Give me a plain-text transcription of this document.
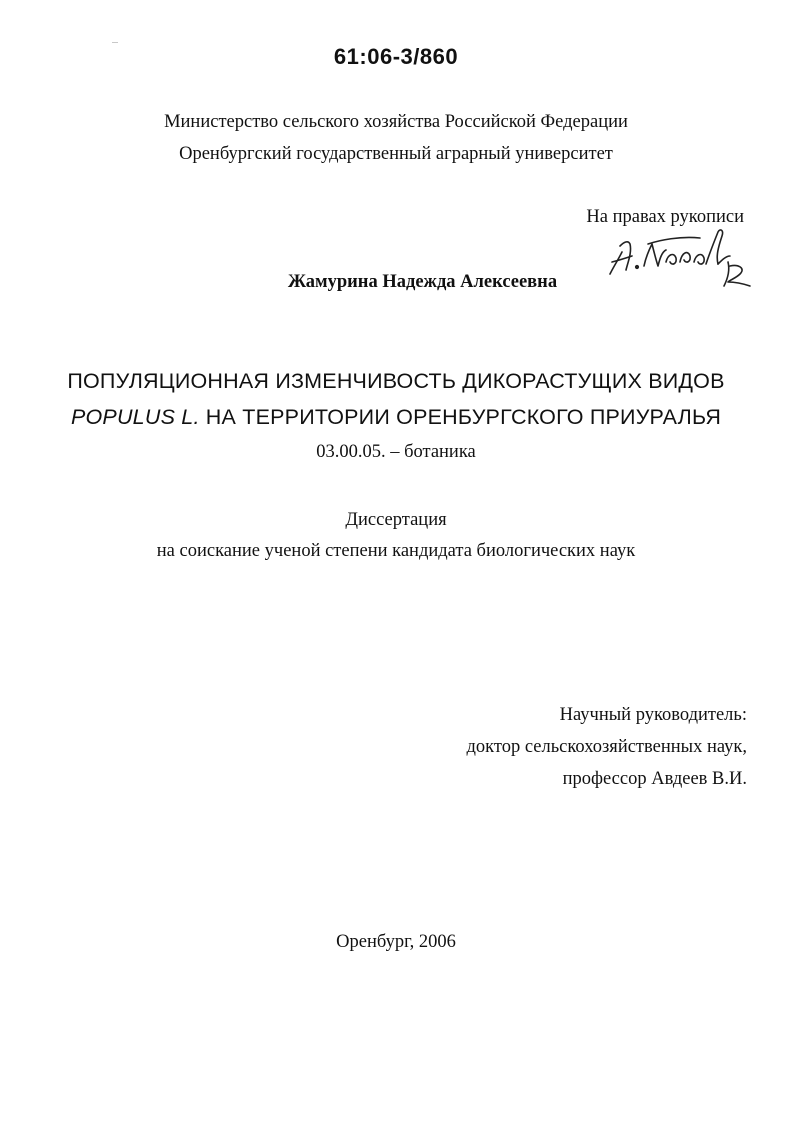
61:06-3/860
Министерство сельского хозяйства Российской Федерации
Оренбургский государственный аграрный университет
На правах рукописи
Жамурина Надежда Алексеевна
ПОПУЛЯЦИОННАЯ ИЗМЕНЧИВОСТЬ ДИКОРАСТУЩИХ ВИДОВ
POPULUS L. НА ТЕРРИТОРИИ ОРЕНБУРГСКОГО ПРИУРАЛЬЯ
03.00.05. – ботаника
Диссертация
на соискание ученой степени кандидата биологических наук
Научный руководитель:
доктор сельскохозяйственных наук,
профессор Авдеев В.И.
Оренбург, 2006
